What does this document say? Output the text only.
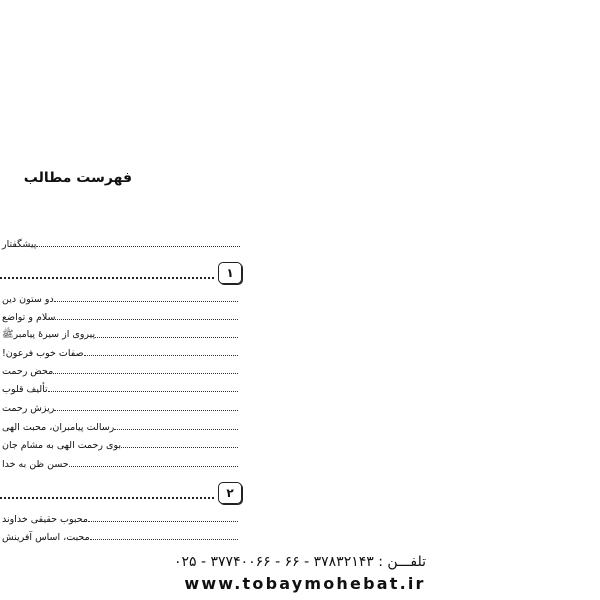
فهرست مطالب
پیشگفتار
۱
دو ستون دین
سلام و تواضع
پیروی از سیرۀ پیامبرﷺ
صفات خوب فرعون!
محض رحمت
تألیف قلوب
ریزش رحمت
رسالت پیامبران، محبت الهی
بوی رحمت الهی به مشام جان
حسن ظن به خدا
۲
محبوب حقیقی خداوند
محبت، اساس آفرینش
تلفـــن : ۳۷۸۳۲۱۴۳ - ۶۶ - ۳۷۷۴۰۰۶۶ - ۰۲۵
www.tobaymohebat.ir
